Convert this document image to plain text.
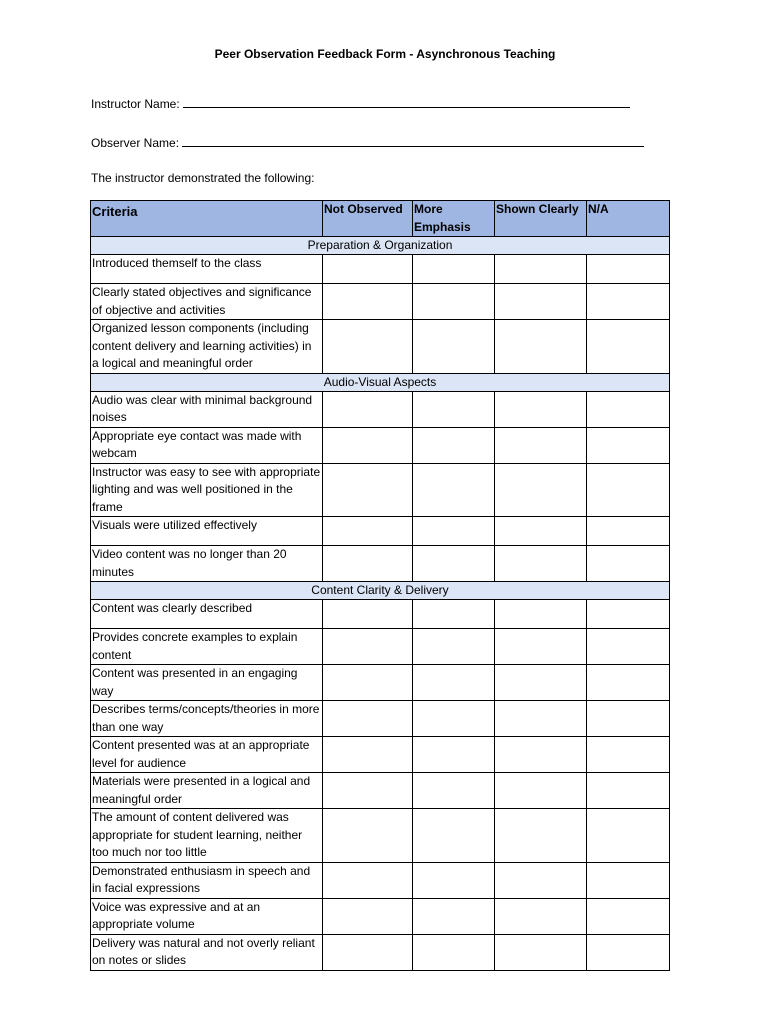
Peer Observation Feedback Form - Asynchronous Teaching
Instructor Name:
Observer Name:
The instructor demonstrated the following:
Criteria	Not Observed	More Emphasis	Shown Clearly	N/A
Preparation & Organization				
Introduced themself to the class				
Clearly stated objectives and significance of objective and activities				
Organized lesson components (including content delivery and learning activities) in a logical and meaningful order				
Audio-Visual Aspects				
Audio was clear with minimal background noises				
Appropriate eye contact was made with webcam				
Instructor was easy to see with appropriate lighting and was well positioned in the frame				
Visuals were utilized effectively				
Video content was no longer than 20 minutes				
Content Clarity & Delivery				
Content was clearly described				
Provides concrete examples to explain content				
Content was presented in an engaging way				
Describes terms/concepts/theories in more than one way				
Content presented was at an appropriate level for audience				
Materials were presented in a logical and meaningful order				
The amount of content delivered was appropriate for student learning, neither too much nor too little				
Demonstrated enthusiasm in speech and in facial expressions				
Voice was expressive and at an appropriate volume				
Delivery was natural and not overly reliant on notes or slides				
